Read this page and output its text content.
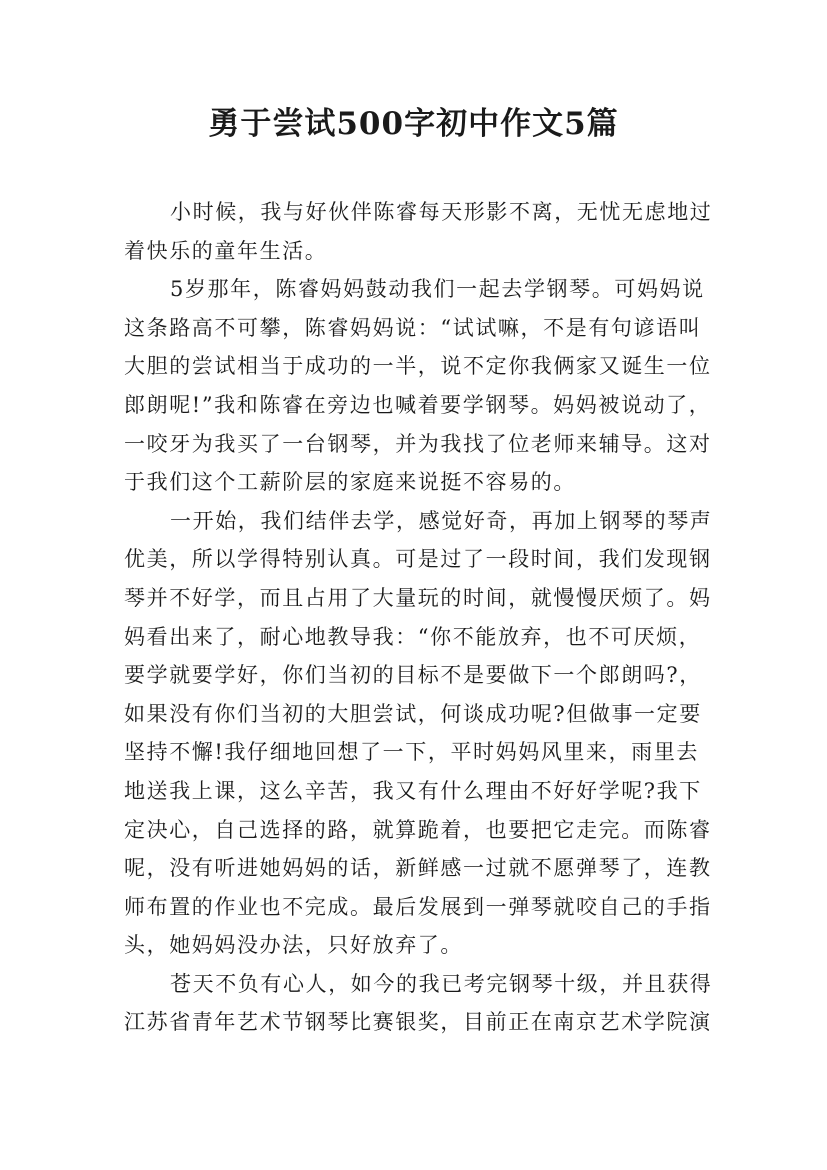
勇于尝试500字初中作文5篇
小时候，我与好伙伴陈睿每天形影不离，无忧无虑地过
着快乐的童年生活。
5岁那年，陈睿妈妈鼓动我们一起去学钢琴。可妈妈说
这条路高不可攀，陈睿妈妈说：“试试嘛，不是有句谚语叫
大胆的尝试相当于成功的一半，说不定你我俩家又诞生一位
郎朗呢!”我和陈睿在旁边也喊着要学钢琴。妈妈被说动了，
一咬牙为我买了一台钢琴，并为我找了位老师来辅导。这对
于我们这个工薪阶层的家庭来说挺不容易的。
一开始，我们结伴去学，感觉好奇，再加上钢琴的琴声
优美，所以学得特别认真。可是过了一段时间，我们发现钢
琴并不好学，而且占用了大量玩的时间，就慢慢厌烦了。妈
妈看出来了，耐心地教导我：“你不能放弃，也不可厌烦，
要学就要学好，你们当初的目标不是要做下一个郎朗吗?，
如果没有你们当初的大胆尝试，何谈成功呢?但做事一定要
坚持不懈!我仔细地回想了一下，平时妈妈风里来，雨里去
地送我上课，这么辛苦，我又有什么理由不好好学呢?我下
定决心，自己选择的路，就算跪着，也要把它走完。而陈睿
呢，没有听进她妈妈的话，新鲜感一过就不愿弹琴了，连教
师布置的作业也不完成。最后发展到一弹琴就咬自己的手指
头，她妈妈没办法，只好放弃了。
苍天不负有心人，如今的我已考完钢琴十级，并且获得
江苏省青年艺术节钢琴比赛银奖，目前正在南京艺术学院演
